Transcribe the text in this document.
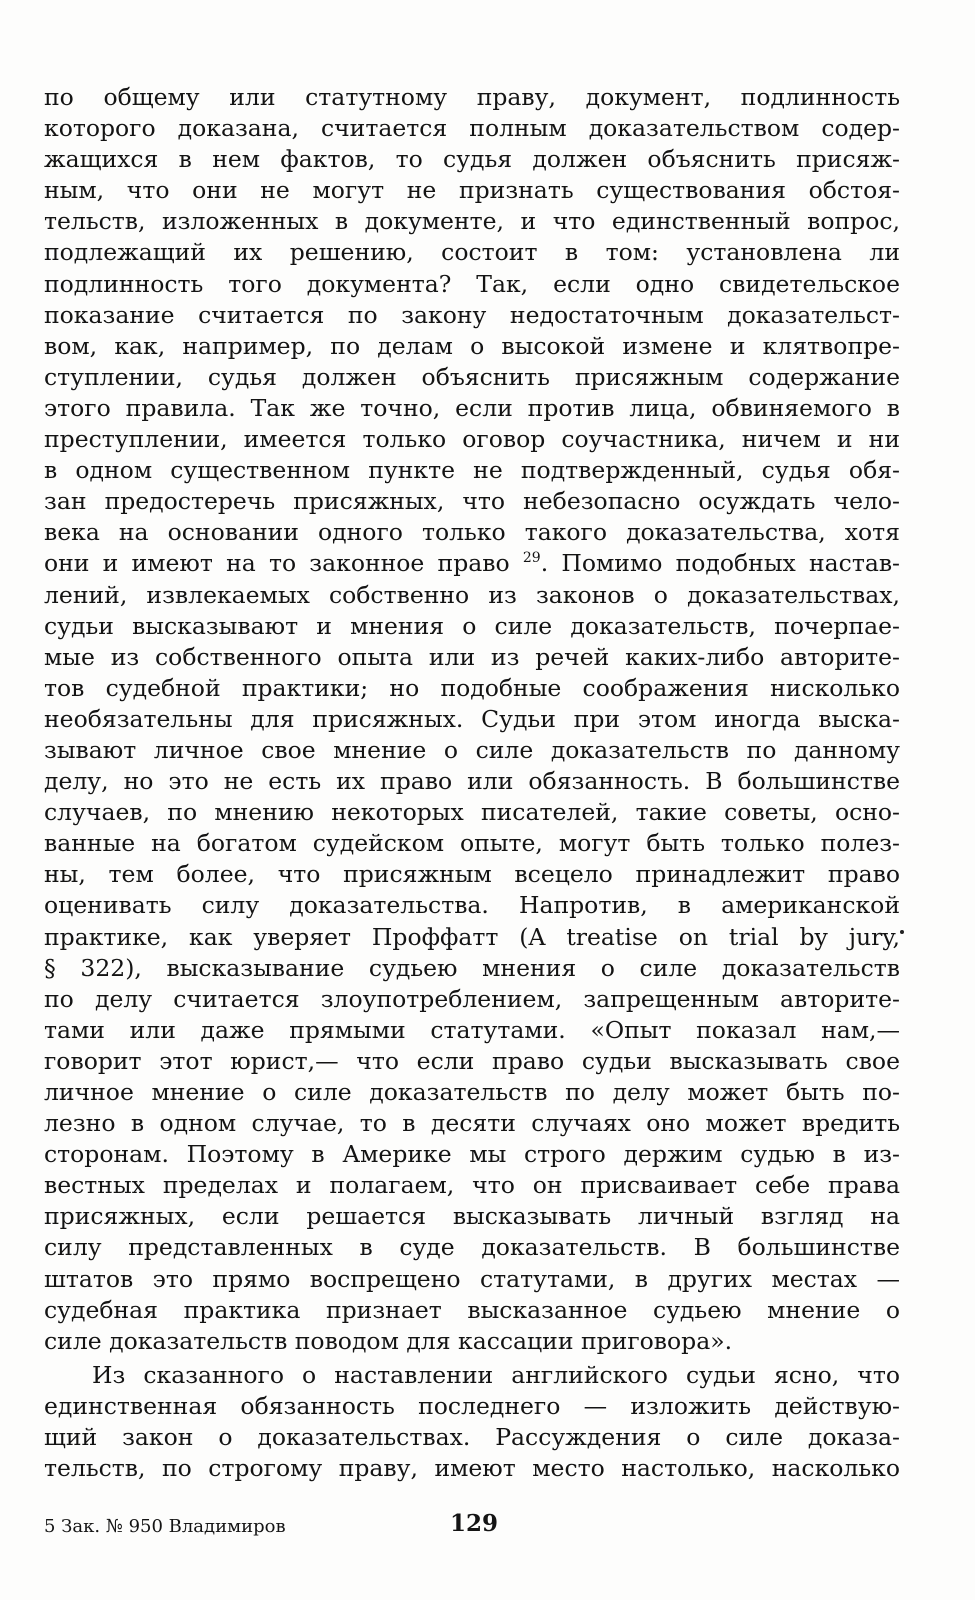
по общему или статутному праву, документ, подлинность
которого доказана, считается полным доказательством содер-
жащихся в нем фактов, то судья должен объяснить присяж-
ным, что они не могут не признать существования обстоя-
тельств, изложенных в документе, и что единственный вопрос,
подлежащий их решению, состоит в том: установлена ли
подлинность того документа? Так, если одно свидетельское
показание считается по закону недостаточным доказательст-
вом, как, например, по делам о высокой измене и клятвопре-
ступлении, судья должен объяснить присяжным содержание
этого правила. Так же точно, если против лица, обвиняемого в
преступлении, имеется только оговор соучастника, ничем и ни
в одном существенном пункте не подтвержденный, судья обя-
зан предостеречь присяжных, что небезопасно осуждать чело-
века на основании одного только такого доказательства, хотя
они и имеют на то законное право $^{29}$. Помимо подобных настав-
лений, извлекаемых собственно из законов о доказательствах,
судьи высказывают и мнения о силе доказательств, почерпае-
мые из собственного опыта или из речей каких-либо авторите-
тов судебной практики; но подобные соображения нисколько
необязательны для присяжных. Судьи при этом иногда выска-
зывают личное свое мнение о силе доказательств по данному
делу, но это не есть их право или обязанность. В большинстве
случаев, по мнению некоторых писателей, такие советы, осно-
ванные на богатом судейском опыте, могут быть только полез-
ны, тем более, что присяжным всецело принадлежит право
оценивать силу доказательства. Напротив, в американской
практике, как уверяет Проффатт (A treatise on trial by jury,
§ 322), высказывание судьею мнения о силе доказательств
по делу считается злоупотреблением, запрещенным авторите-
тами или даже прямыми статутами. «Опыт показал нам,—
говорит этот юрист,— что если право судьи высказывать свое
личное мнение о силе доказательств по делу может быть по-
лезно в одном случае, то в десяти случаях оно может вредить
сторонам. Поэтому в Америке мы строго держим судью в из-
вестных пределах и полагаем, что он присваивает себе права
присяжных, если решается высказывать личный взгляд на
силу представленных в суде доказательств. В большинстве
штатов это прямо воспрещено статутами, в других местах —
судебная практика признает высказанное судьею мнение о
силе доказательств поводом для кассации приговора».
Из сказанного о наставлении английского судьи ясно, что
единственная обязанность последнего — изложить действую-
щий закон о доказательствах. Рассуждения о силе доказа-
тельств, по строгому праву, имеют место настолько, насколько
5 Зак. № 950 Владимиров	129
